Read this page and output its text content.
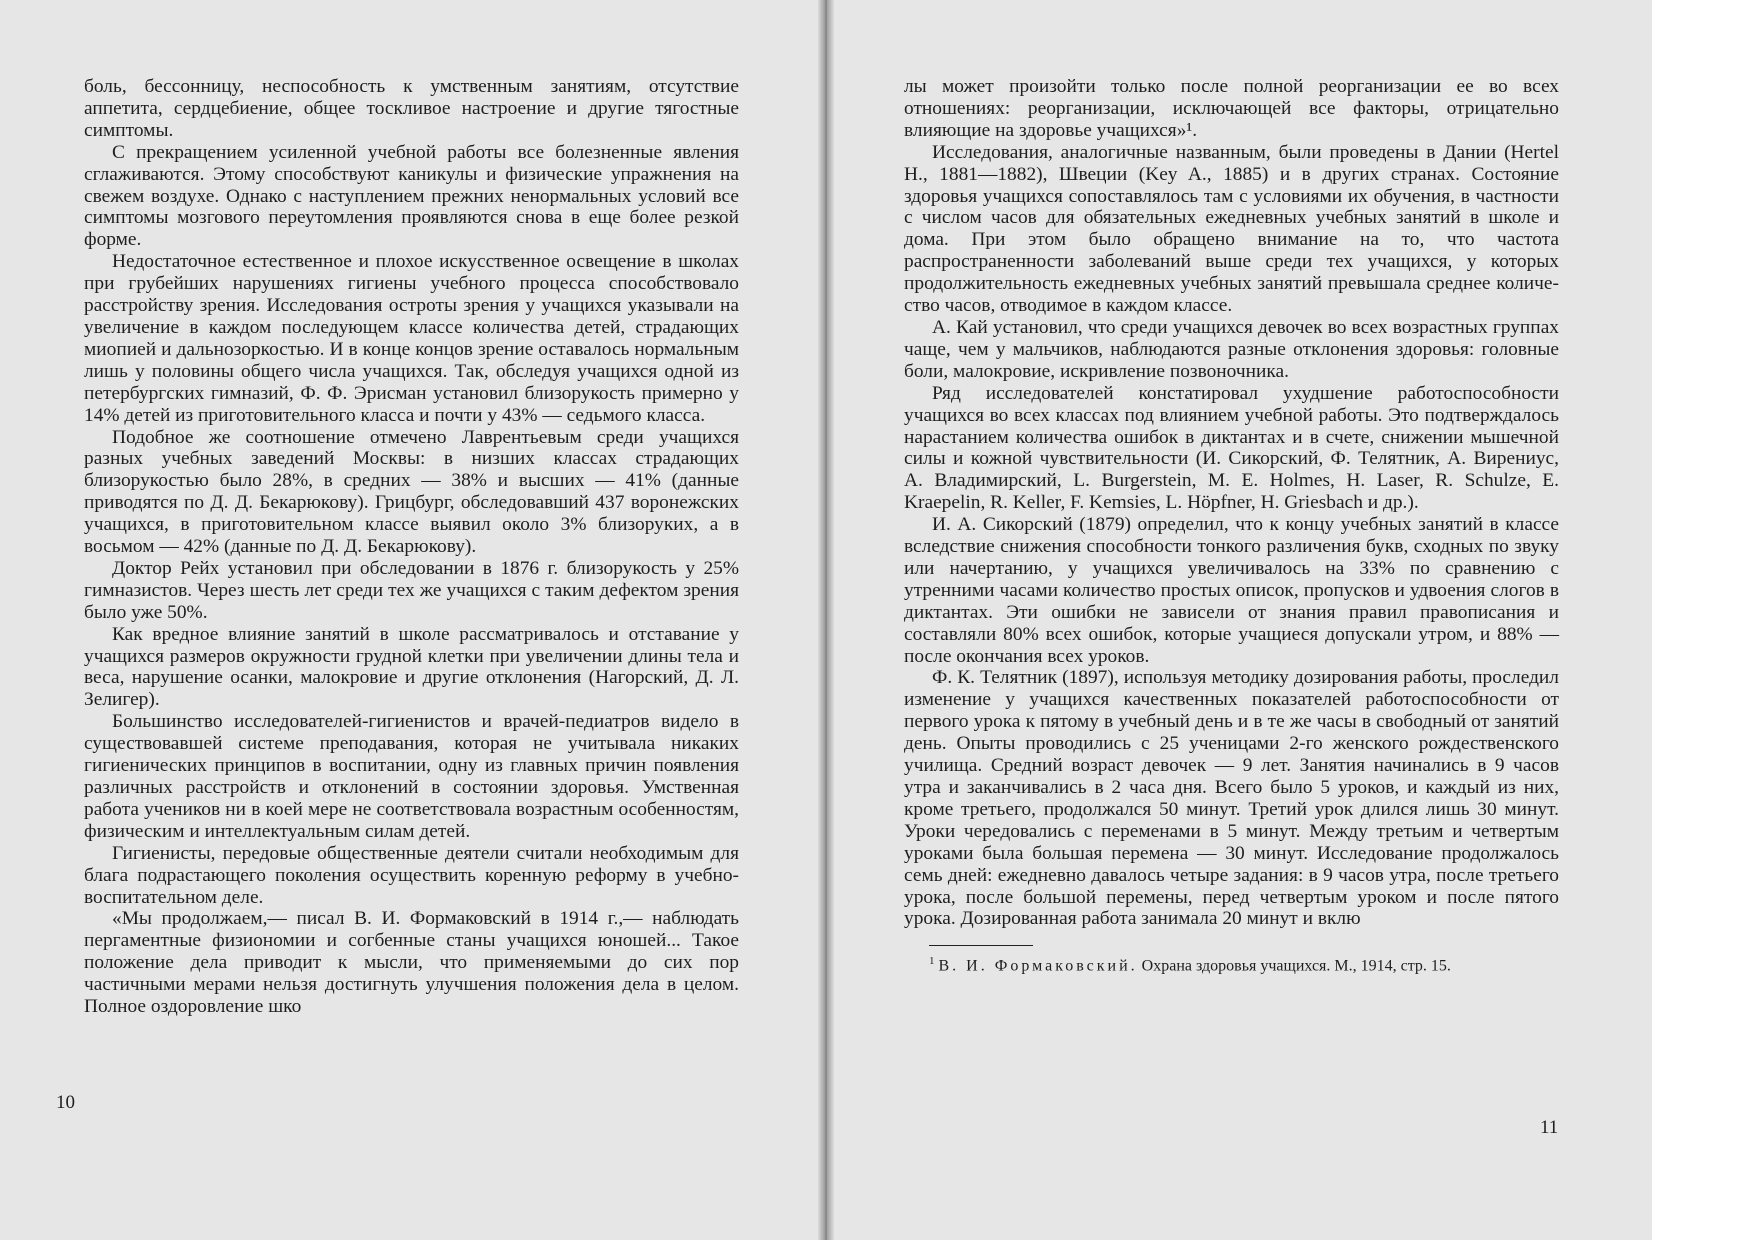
боль, бессонницу, неспособность к умственным занятиям, отсутствие аппетита, сердцебиение, общее тоскливое настроение и другие тягостные симптомы.

С прекращением усиленной учебной работы все болезненные явления сглаживаются. Этому способствуют каникулы и физические упражнения на свежем воздухе. Однако с наступлением прежних ненормальных условий все симптомы мозгового переутомления проявляются снова в еще более резкой форме.

Недостаточное естественное и плохое искусственное освещение в школах при грубейших нарушениях гигиены учебного процесса способствовало расстройству зрения. Исследования остроты зрения у учащихся указывали на увеличение в каждом последующем классе количества детей, страдающих миопией и дальнозоркостью. И в конце концов зрение оставалось нормальным лишь у половины общего числа учащихся. Так, обследуя учащихся одной из петербургских гимназий, Ф. Ф. Эрисман установил близорукость примерно у 14% детей из приготовительного класса и почти у 43% — седьмого класса.

Подобное же соотношение отмечено Лаврентьевым среди учащихся разных учебных заведений Москвы: в низших классах страдающих близорукостью было 28%, в средних — 38% и высших — 41% (данные приводятся по Д. Д. Бекарюкову). Грицбург, обследовавший 437 воронежских учащихся, в приготовительном классе выявил около 3% близоруких, а в восьмом — 42% (данные по Д. Д. Бекарюкову).

Доктор Рейх установил при обследовании в 1876 г. близорукость у 25% гимназистов. Через шесть лет среди тех же учащихся с таким дефектом зрения было уже 50%.

Как вредное влияние занятий в школе рассматривалось и отставание у учащихся размеров окружности грудной клетки при увеличении длины тела и веса, нарушение осанки, малокровие и другие отклонения (Нагорский, Д. Л. Зелигер).

Большинство исследователей-гигиенистов и врачей-педиатров видело в существовавшей системе преподавания, которая не учитывала никаких гигиенических принципов в воспитании, одну из главных причин появления различных расстройств и отклонений в состоянии здоровья. Умственная работа учеников ни в коей мере не соответствовала возрастным особенностям, физическим и интеллектуальным силам детей.

Гигиенисты, передовые общественные деятели считали необходимым для блага подрастающего поколения осуществить коренную реформу в учебно-воспитательном деле.

«Мы продолжаем,— писал В. И. Формаковский в 1914 г.,— наблюдать пергаментные физиономии и согбенные станы учащихся юношей... Такое положение дела приводит к мысли, что применяемыми до сих пор частичными мерами нельзя достигнуть улучшения положения дела в целом. Полное оздоровление шко

10

лы может произойти только после полной реорганизации ее во всех отношениях: реорганизации, исключающей все факторы, отрицательно влияющие на здоровье учащихся»¹.

Исследования, аналогичные названным, были проведены в Дании (Hertel H., 1881—1882), Швеции (Key A., 1885) и в других странах. Состояние здоровья учащихся сопоставлялось там с условиями их обучения, в частности с числом часов для обязательных ежедневных учебных занятий в школе и дома. При этом было обращено внимание на то, что частота распространенности заболеваний выше среди тех учащихся, у которых продолжительность ежедневных учебных занятий превышала среднее количество часов, отводимое в каждом классе.

А. Кай установил, что среди учащихся девочек во всех возрастных группах чаще, чем у мальчиков, наблюдаются разные отклонения здоровья: головные боли, малокровие, искривление позвоночника.

Ряд исследователей констатировал ухудшение работоспособности учащихся во всех классах под влиянием учебной работы. Это подтверждалось нарастанием количества ошибок в диктантах и в счете, снижении мышечной силы и кожной чувствительности (И. Сикорский, Ф. Телятник, А. Вирениус, А. Владимирский, L. Burgerstein, M. E. Holmes, H. Laser, R. Schulze, E. Kraepelin, R. Keller, F. Kemsies, L. Höpfner, H. Griesbach и др.).

И. А. Сикорский (1879) определил, что к концу учебных занятий в классе вследствие снижения способности тонкого различения букв, сходных по звуку или начертанию, у учащихся увеличивалось на 33% по сравнению с утренними часами количество простых описок, пропусков и удвоения слогов в диктантах. Эти ошибки не зависели от знания правил правописания и составляли 80% всех ошибок, которые учащиеся допускали утром, и 88% — после окончания всех уроков.

Ф. К. Телятник (1897), используя методику дозирования работы, проследил изменение у учащихся качественных показателей работоспособности от первого урока к пятому в учебный день и в те же часы в свободный от занятий день. Опыты проводились с 25 ученицами 2-го женского рождественского училища. Средний возраст девочек — 9 лет. Занятия начинались в 9 часов утра и заканчивались в 2 часа дня. Всего было 5 уроков, и каждый из них, кроме третьего, продолжался 50 минут. Третий урок длился лишь 30 минут. Уроки чередовались с переменами в 5 минут. Между третьим и четвертым уроками была большая перемена — 30 минут. Исследование продолжалось семь дней: ежедневно давалось четыре задания: в 9 часов утра, после третьего урока, после большой перемены, перед четвертым уроком и после пятого урока. Дозированная работа занимала 20 минут и вклю

$^1$ В. И. Формаковский. Охрана здоровья учащихся. М., 1914, стр. 15.
11
